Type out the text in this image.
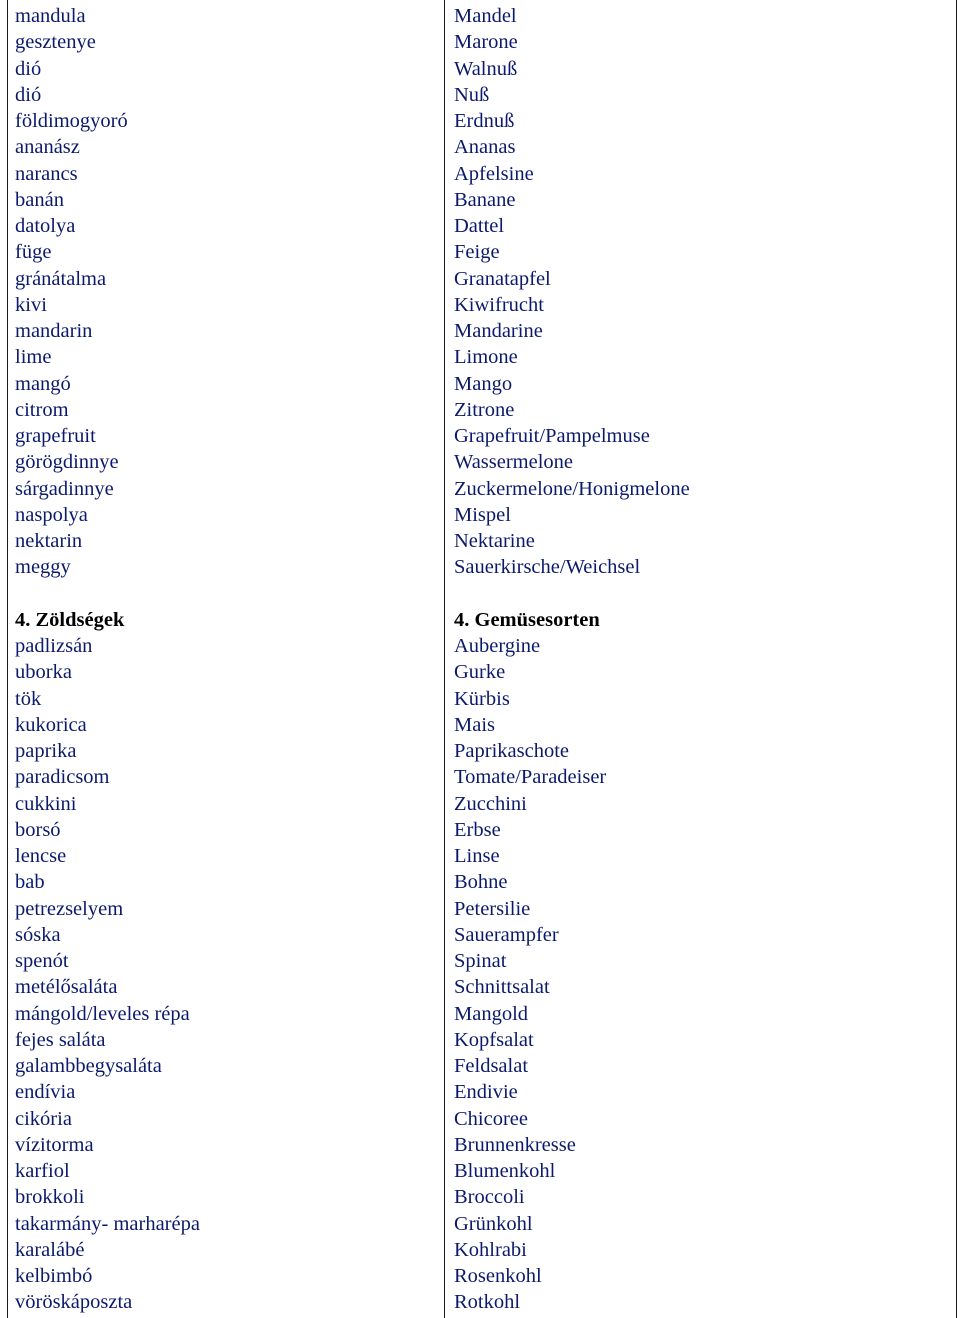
mandula
gesztenye
dió
dió
földimogyoró
ananász
narancs
banán
datolya
füge
gránátalma
kivi
mandarin
lime
mangó
citrom
grapefruit
görögdinnye
sárgadinnye
naspolya
nektarin
meggy
4. Zöldségek
padlizsán
uborka
tök
kukorica
paprika
paradicsom
cukkini
borsó
lencse
bab
petrezselyem
sóska
spenót
metélősaláta
mángold/leveles répa
fejes saláta
galambbegysaláta
endívia
cikória
vízitorma
karfiol
brokkoli
takarmány- marharépa
karalábé
kelbimbó
vöröskáposzta
Mandel
Marone
Walnuß
Nuß
Erdnuß
Ananas
Apfelsine
Banane
Dattel
Feige
Granatapfel
Kiwifrucht
Mandarine
Limone
Mango
Zitrone
Grapefruit/Pampelmuse
Wassermelone
Zuckermelone/Honigmelone
Mispel
Nektarine
Sauerkirsche/Weichsel
4. Gemüsesorten
Aubergine
Gurke
Kürbis
Mais
Paprikaschote
Tomate/Paradeiser
Zucchini
Erbse
Linse
Bohne
Petersilie
Sauerampfer
Spinat
Schnittsalat
Mangold
Kopfsalat
Feldsalat
Endivie
Chicoree
Brunnenkresse
Blumenkohl
Broccoli
Grünkohl
Kohlrabi
Rosenkohl
Rotkohl
